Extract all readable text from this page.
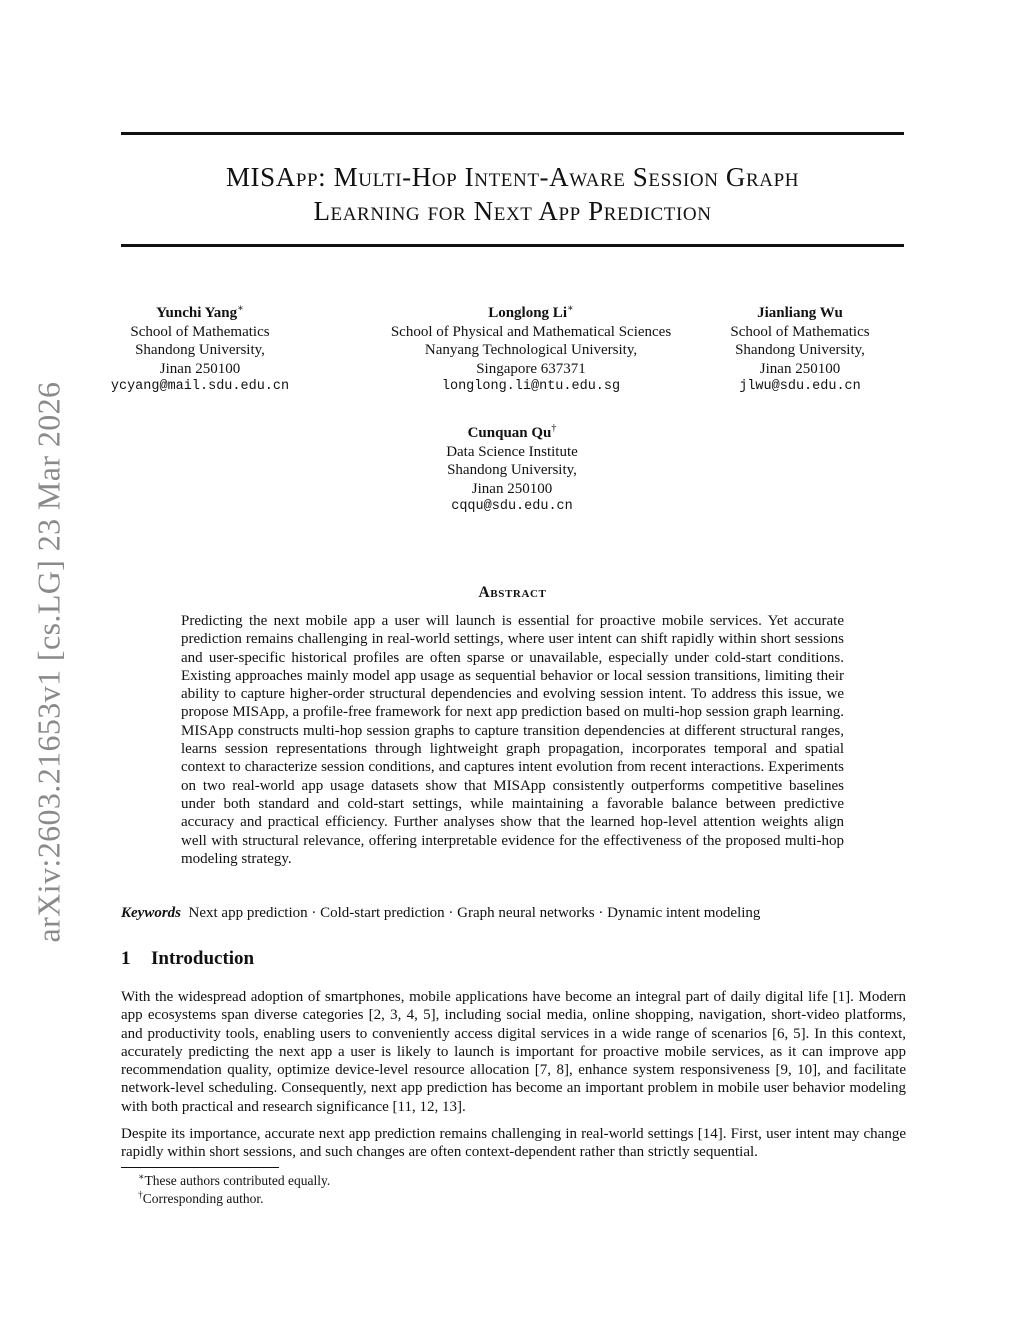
arXiv:2603.21653v1 [cs.LG] 23 Mar 2026
MISApp: Multi-Hop Intent-Aware Session Graph
Learning for Next App Prediction
Yunchi Yang∗
School of Mathematics
Shandong University,
Jinan 250100
ycyang@mail.sdu.edu.cn
Longlong Li∗
School of Physical and Mathematical Sciences
Nanyang Technological University,
Singapore 637371
longlong.li@ntu.edu.sg
Jianliang Wu
School of Mathematics
Shandong University,
Jinan 250100
jlwu@sdu.edu.cn
Cunquan Qu†
Data Science Institute
Shandong University,
Jinan 250100
cqqu@sdu.edu.cn
Abstract
Predicting the next mobile app a user will launch is essential for proactive mobile services. Yet accurate prediction remains challenging in real-world settings, where user intent can shift rapidly within short sessions and user-specific historical profiles are often sparse or unavailable, especially under cold-start conditions. Existing approaches mainly model app usage as sequential behavior or local session transitions, limiting their ability to capture higher-order structural dependencies and evolving session intent. To address this issue, we propose MISApp, a profile-free framework for next app prediction based on multi-hop session graph learning. MISApp constructs multi-hop session graphs to capture transition dependencies at different structural ranges, learns session representations through lightweight graph propagation, incorporates temporal and spatial context to characterize session conditions, and captures intent evolution from recent interactions. Experiments on two real-world app usage datasets show that MISApp consistently outperforms competitive baselines under both standard and cold-start settings, while maintaining a favorable balance between predictive accuracy and practical efficiency. Further analyses show that the learned hop-level attention weights align well with structural relevance, offering interpretable evidence for the effectiveness of the proposed multi-hop modeling strategy.
Keywords Next app prediction · Cold-start prediction · Graph neural networks · Dynamic intent modeling
1 Introduction
With the widespread adoption of smartphones, mobile applications have become an integral part of daily digital life [1]. Modern app ecosystems span diverse categories [2, 3, 4, 5], including social media, online shopping, navigation, short-video platforms, and productivity tools, enabling users to conveniently access digital services in a wide range of scenarios [6, 5]. In this context, accurately predicting the next app a user is likely to launch is important for proactive mobile services, as it can improve app recommendation quality, optimize device-level resource allocation [7, 8], enhance system responsiveness [9, 10], and facilitate network-level scheduling. Consequently, next app prediction has become an important problem in mobile user behavior modeling with both practical and research significance [11, 12, 13].
Despite its importance, accurate next app prediction remains challenging in real-world settings [14]. First, user intent may change rapidly within short sessions, and such changes are often context-dependent rather than strictly sequential.
∗These authors contributed equally.
†Corresponding author.
